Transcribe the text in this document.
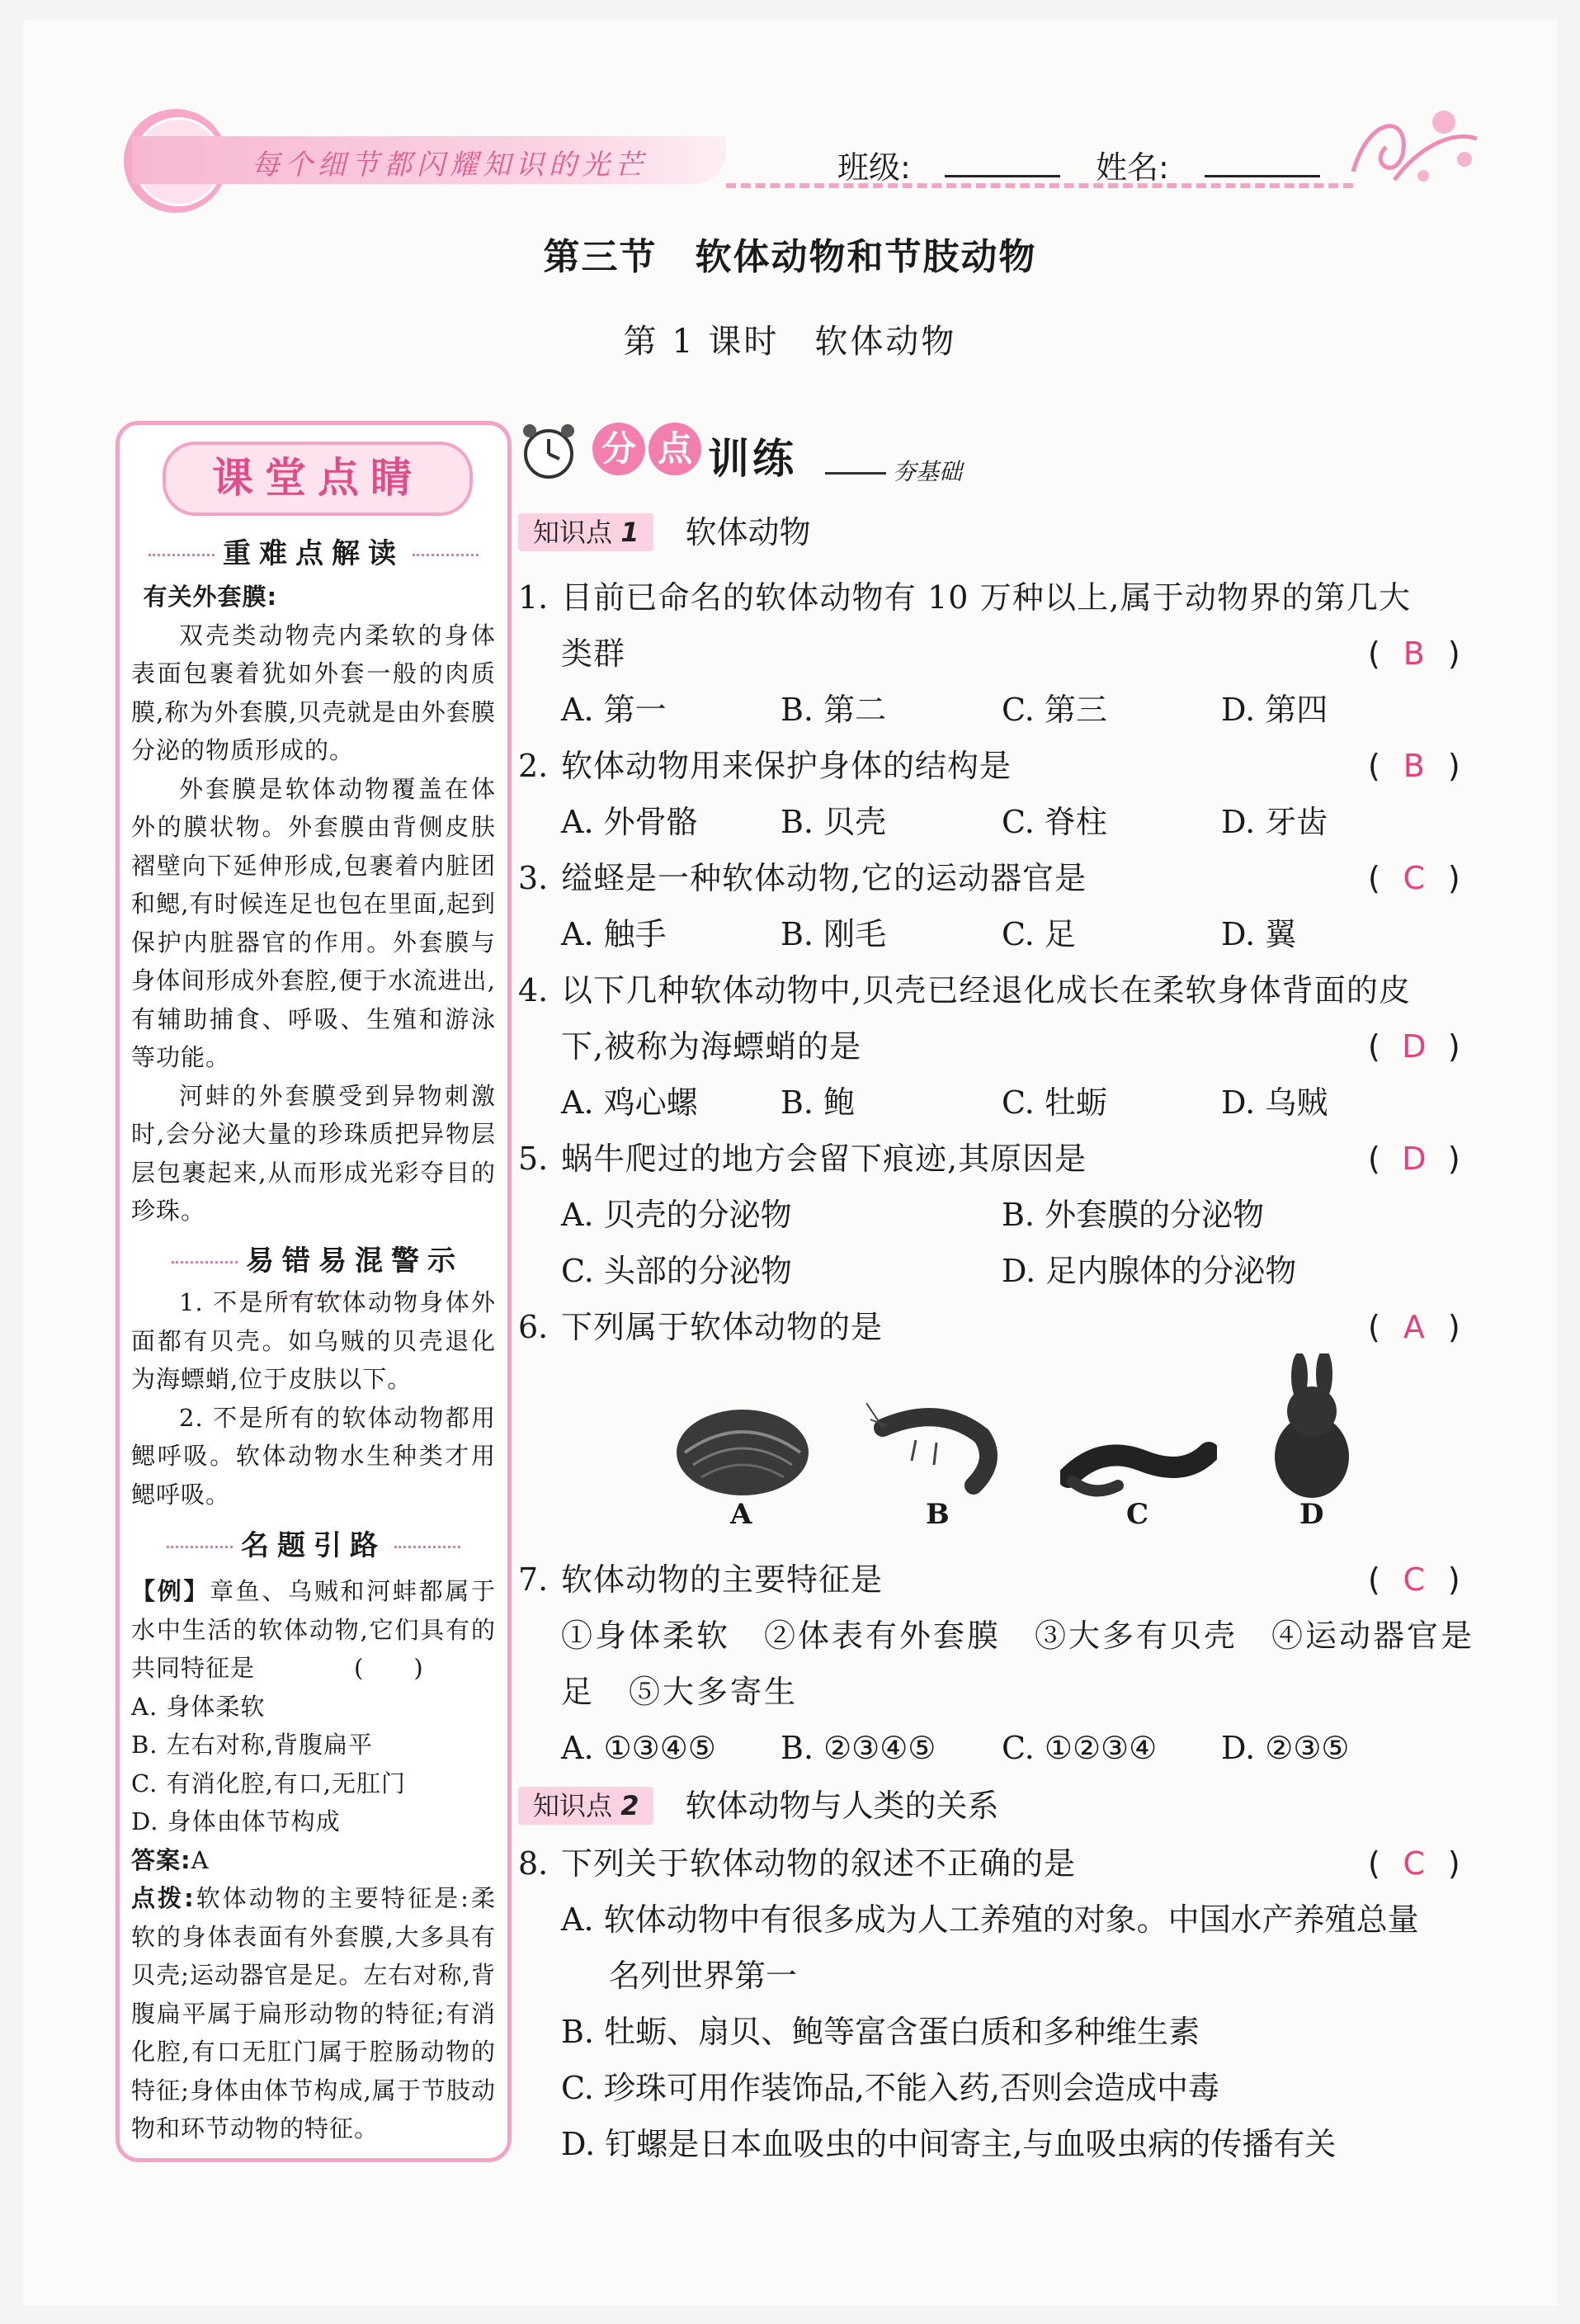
每个细节都闪耀知识的光芒	班级:	姓名:
第三节　软体动物和节肢动物
第 1 课时　软体动物
课堂点睛
重难点解读

有关外套膜:

双壳类动物壳内柔软的身体表面包裹着犹如外套一般的肉质膜,称为外套膜,贝壳就是由外套膜分泌的物质形成的。

外套膜是软体动物覆盖在体外的膜状物。外套膜由背侧皮肤褶壁向下延伸形成,包裹着内脏团和鳃,有时候连足也包在里面,起到保护内脏器官的作用。外套膜与身体间形成外套腔,便于水流进出,有辅助捕食、呼吸、生殖和游泳等功能。

河蚌的外套膜受到异物刺激时,会分泌大量的珍珠质把异物层层包裹起来,从而形成光彩夺目的珍珠。

易错易混警示

1. 不是所有软体动物身体外面都有贝壳。如乌贼的贝壳退化为海螵蛸,位于皮肤以下。

2. 不是所有的软体动物都用鳃呼吸。软体动物水生种类才用鳃呼吸。

名题引路

【例】章鱼、乌贼和河蚌都属于水中生活的软体动物,它们具有的共同特征是　　　　(　　)

A. 身体柔软

B. 左右对称,背腹扁平

C. 有消化腔,有口,无肛门

D. 身体由体节构成

答案:A

点拨:软体动物的主要特征是:柔软的身体表面有外套膜,大多具有贝壳;运动器官是足。左右对称,背腹扁平属于扁形动物的特征;有消化腔,有口无肛门属于腔肠动物的特征;身体由体节构成,属于节肢动物和环节动物的特征。

分 点 训练	夯基础
知识点 1 软体动物
1. 目前已命名的软体动物有 10 万种以上,属于动物界的第几大类群	( B )
A. 第一	B. 第二	C. 第三	D. 第四
2. 软体动物用来保护身体的结构是	( B )
A. 外骨骼	B. 贝壳	C. 脊柱	D. 牙齿
3. 缢蛏是一种软体动物,它的运动器官是	( C )
A. 触手	B. 刚毛	C. 足	D. 翼
4. 以下几种软体动物中,贝壳已经退化成长在柔软身体背面的皮下,被称为海螵蛸的是	( D )
A. 鸡心螺	B. 鲍	C. 牡蛎	D. 乌贼
5. 蜗牛爬过的地方会留下痕迹,其原因是	( D )
A. 贝壳的分泌物	B. 外套膜的分泌物
C. 头部的分泌物	D. 足内腺体的分泌物
6. 下列属于软体动物的是	( A )
A	B	C	D
7. 软体动物的主要特征是	( C )
①身体柔软　②体表有外套膜　③大多有贝壳　④运动器官是
足　⑤大多寄生
A. ①③④⑤ B. ②③④⑤ C. ①②③④ D. ②③⑤
知识点 2 软体动物与人类的关系
8. 下列关于软体动物的叙述不正确的是	( C )
A. 软体动物中有很多成为人工养殖的对象。中国水产养殖总量
名列世界第一
B. 牡蛎、扇贝、鲍等富含蛋白质和多种维生素
C. 珍珠可用作装饰品,不能入药,否则会造成中毒
D. 钉螺是日本血吸虫的中间寄主,与血吸虫病的传播有关
